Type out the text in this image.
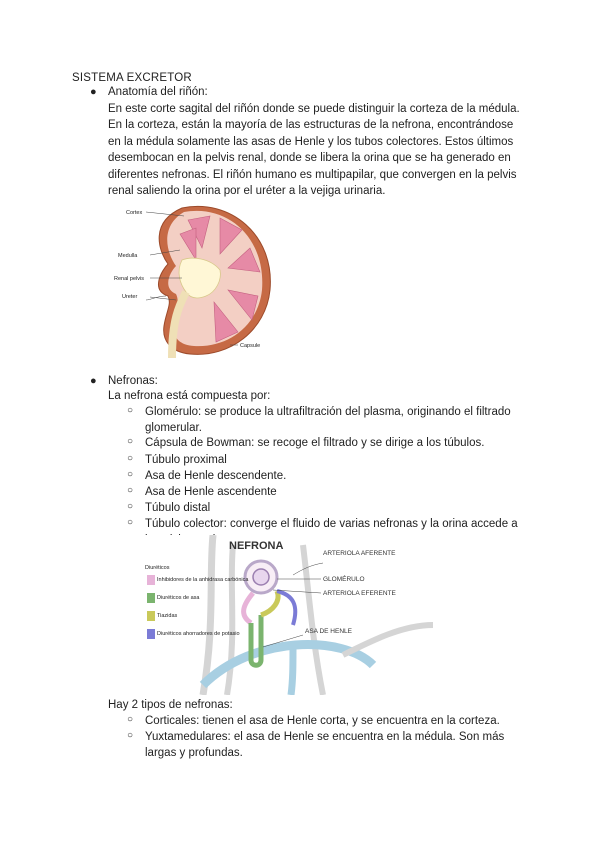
SISTEMA EXCRETOR
● Anatomía del riñón:
En este corte sagital del riñón donde se puede distinguir la corteza de la médula. En la corteza, están la mayoría de las estructuras de la nefrona, encontrándose en la médula solamente las asas de Henle y los tubos colectores. Estos últimos desembocan en la pelvis renal, donde se libera la orina que se ha generado en diferentes nefronas. El riñón humano es multipapilar, que convergen en la pelvis renal saliendo la orina por el uréter a la vejiga urinaria.
Cortex
Medulla
Renal pelvis
Ureter
Capsule
● Nefronas:
La nefrona está compuesta por:
○ Glomérulo: se produce la ultrafiltración del plasma, originando el filtrado glomerular.
○ Cápsula de Bowman: se recoge el filtrado y se dirige a los túbulos.
○ Túbulo proximal
○ Asa de Henle descendente.
○ Asa de Henle ascendente
○ Túbulo distal
○ Túbulo colector: converge el fluido de varias nefronas y la orina accede a
NEFRONA
ARTERIOLA AFERENTE
GLOMÉRULO
ARTERIOLA EFERENTE
ASA DE HENLE
Diuréticos
Inhibidores de la anhidrasa carbónica
Diuréticos de asa
Tiazidas
Diuréticos ahorradores de potasio
Hay 2 tipos de nefronas:
○ Corticales: tienen el asa de Henle corta, y se encuentra en la corteza.
○ Yuxtamedulares: el asa de Henle se encuentra en la médula. Son más largas y profundas.
